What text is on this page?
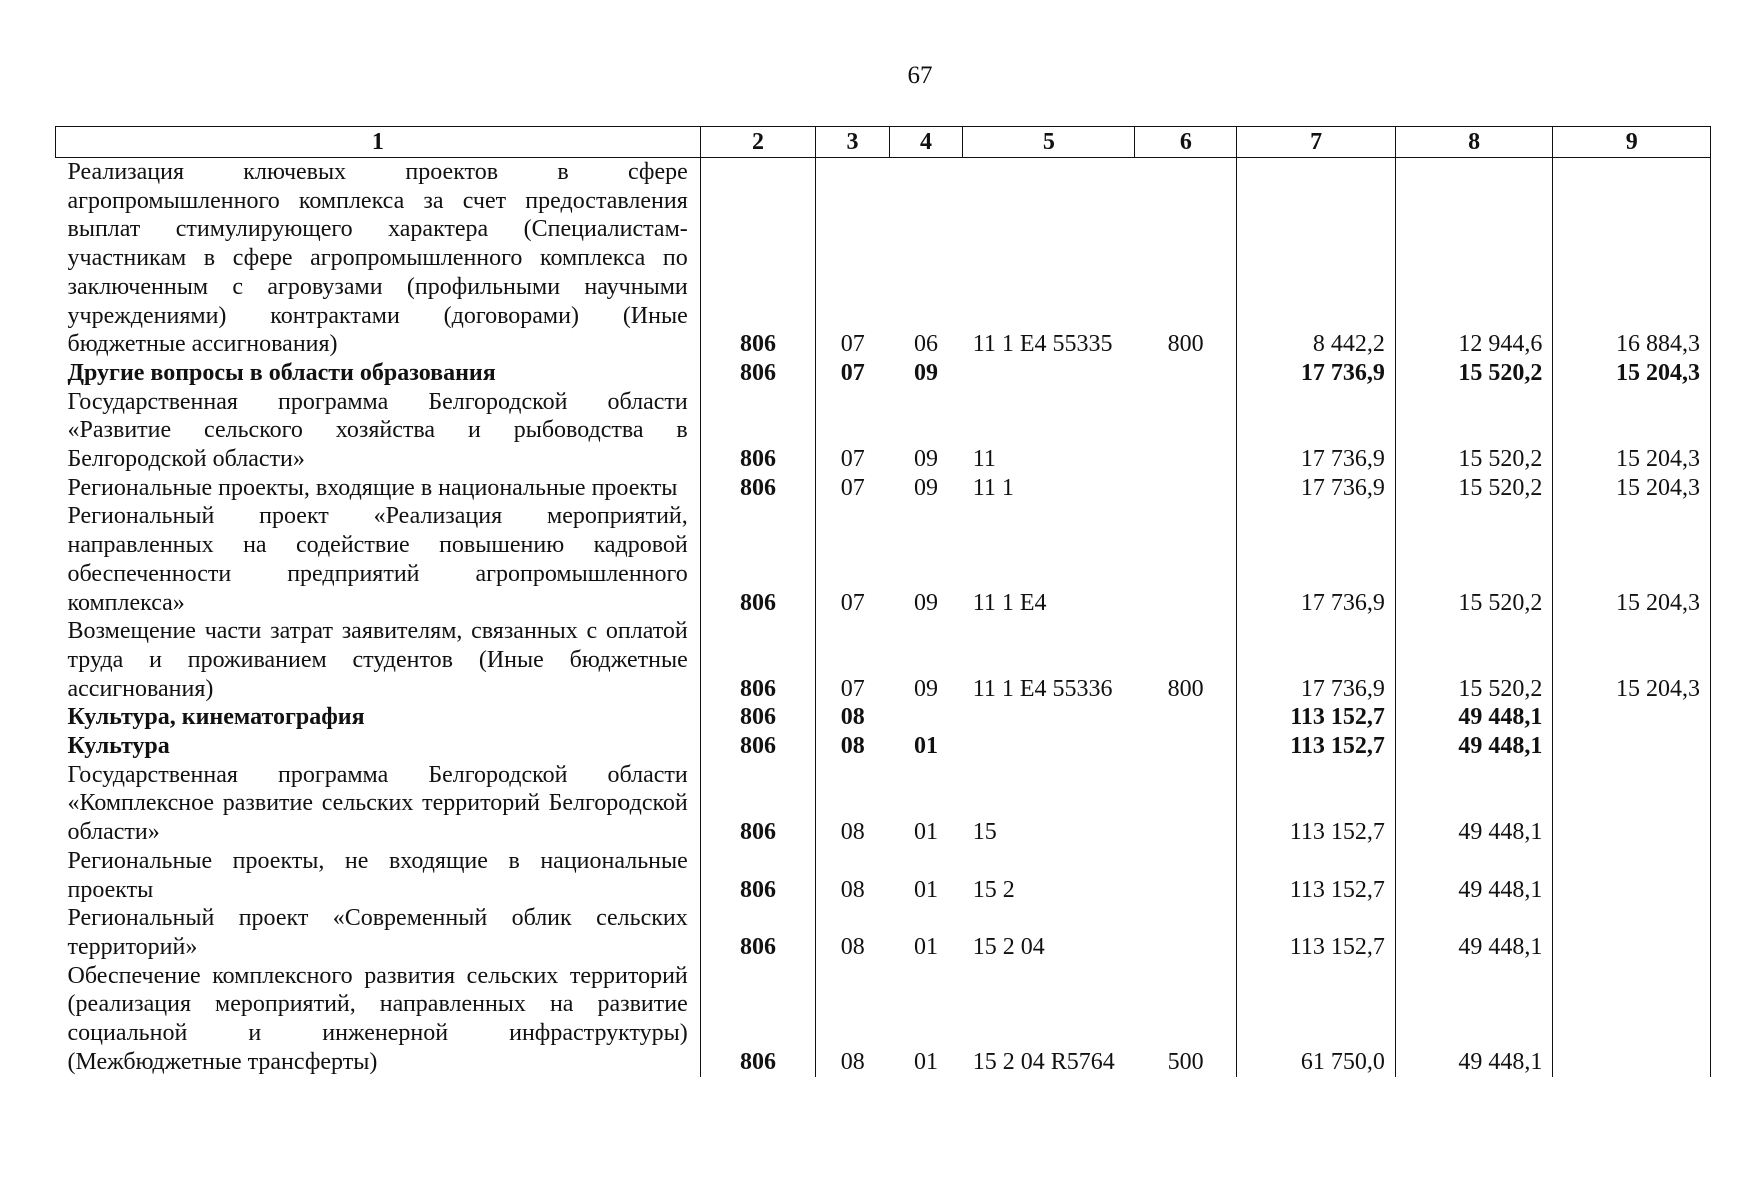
67
1	2	3	4	5	6	7	8	9
Реализация ключевых проектов в сфере агропромышленного комплекса за счет предоставления выплат стимулирующего характера (Специалистам-участникам в сфере агропромышленного комплекса по заключенным с агровузами (профильными научными учреждениями) контрактами (договорами) (Иные бюджетные ассигнования)	806	07	06	11 1 E4 55335	800	8 442,2	12 944,6	16 884,3
Другие вопросы в области образования	806	07	09			17 736,9	15 520,2	15 204,3
Государственная программа Белгородской области «Развитие сельского хозяйства и рыбоводства в Белгородской области»	806	07	09	11		17 736,9	15 520,2	15 204,3
Региональные проекты, входящие в национальные проекты	806	07	09	11 1		17 736,9	15 520,2	15 204,3
Региональный проект «Реализация мероприятий, направленных на содействие повышению кадровой обеспеченности предприятий агропромышленного комплекса»	806	07	09	11 1 E4		17 736,9	15 520,2	15 204,3
Возмещение части затрат заявителям, связанных с оплатой труда и проживанием студентов (Иные бюджетные ассигнования)	806	07	09	11 1 E4 55336	800	17 736,9	15 520,2	15 204,3
Культура, кинематография	806	08				113 152,7	49 448,1	
Культура	806	08	01			113 152,7	49 448,1	
Государственная программа Белгородской области «Комплексное развитие сельских территорий Белгородской области»	806	08	01	15		113 152,7	49 448,1	
Региональные проекты, не входящие в национальные проекты	806	08	01	15 2		113 152,7	49 448,1	
Региональный проект «Современный облик сельских территорий»	806	08	01	15 2 04		113 152,7	49 448,1	
Обеспечение комплексного развития сельских территорий (реализация мероприятий, направленных на развитие социальной и инженерной инфраструктуры) (Межбюджетные трансферты)	806	08	01	15 2 04 R5764	500	61 750,0	49 448,1	
